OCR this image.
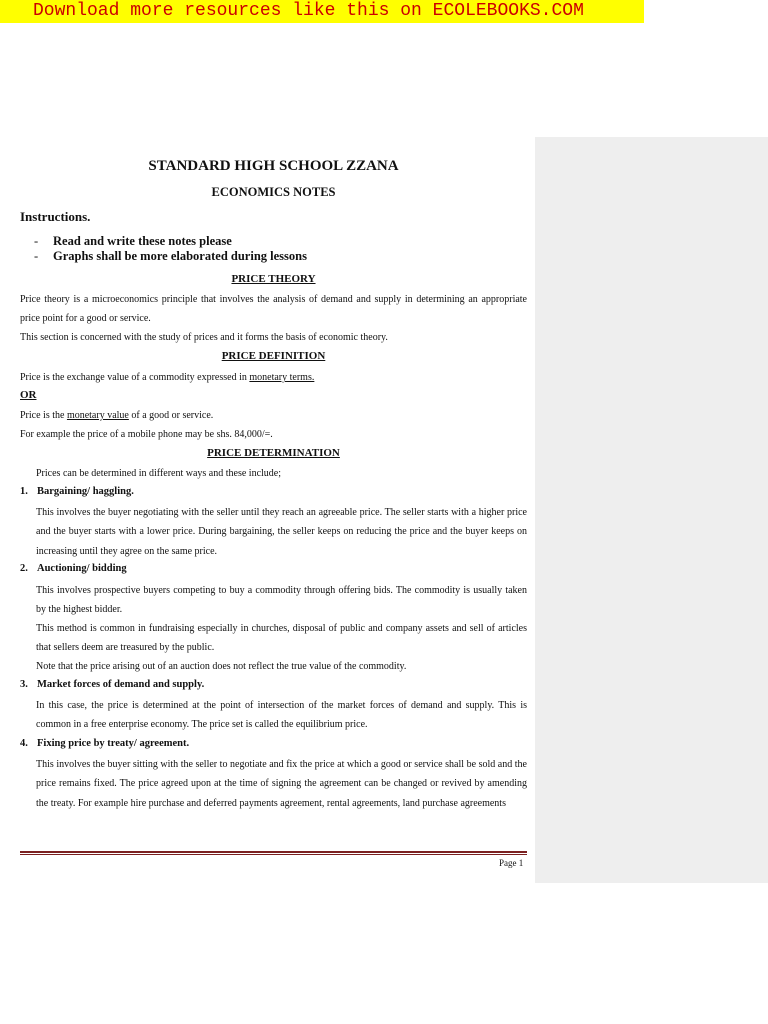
Download more resources like this on ECOLEBOOKS.COM
STANDARD HIGH SCHOOL ZZANA
ECONOMICS NOTES
Instructions.
- Read and write these notes please
- Graphs shall be more elaborated during lessons
PRICE THEORY
Price theory is a microeconomics principle that involves the analysis of demand and supply in determining an appropriate price point for a good or service.
This section is concerned with the study of prices and it forms the basis of economic theory.
PRICE DEFINITION
Price is the exchange value of a commodity expressed in monetary terms.
OR
Price is the monetary value of a good or service.
For example the price of a mobile phone may be shs. 84,000/=.
PRICE DETERMINATION
Prices can be determined in different ways and these include;
1. Bargaining/ haggling.
This involves the buyer negotiating with the seller until they reach an agreeable price. The seller starts with a higher price and the buyer starts with a lower price. During bargaining, the seller keeps on reducing the price and the buyer keeps on increasing until they agree on the same price.
2. Auctioning/ bidding
This involves prospective buyers competing to buy a commodity through offering bids. The commodity is usually taken by the highest bidder.
This method is common in fundraising especially in churches, disposal of public and company assets and sell of articles that sellers deem are treasured by the public.
Note that the price arising out of an auction does not reflect the true value of the commodity.
3. Market forces of demand and supply.
In this case, the price is determined at the point of intersection of the market forces of demand and supply. This is common in a free enterprise economy. The price set is called the equilibrium price.
4. Fixing price by treaty/ agreement.
This involves the buyer sitting with the seller to negotiate and fix the price at which a good or service shall be sold and the price remains fixed. The price agreed upon at the time of signing the agreement can be changed or revived by amending the treaty. For example hire purchase and deferred payments agreement, rental agreements, land purchase agreements
Page 1
